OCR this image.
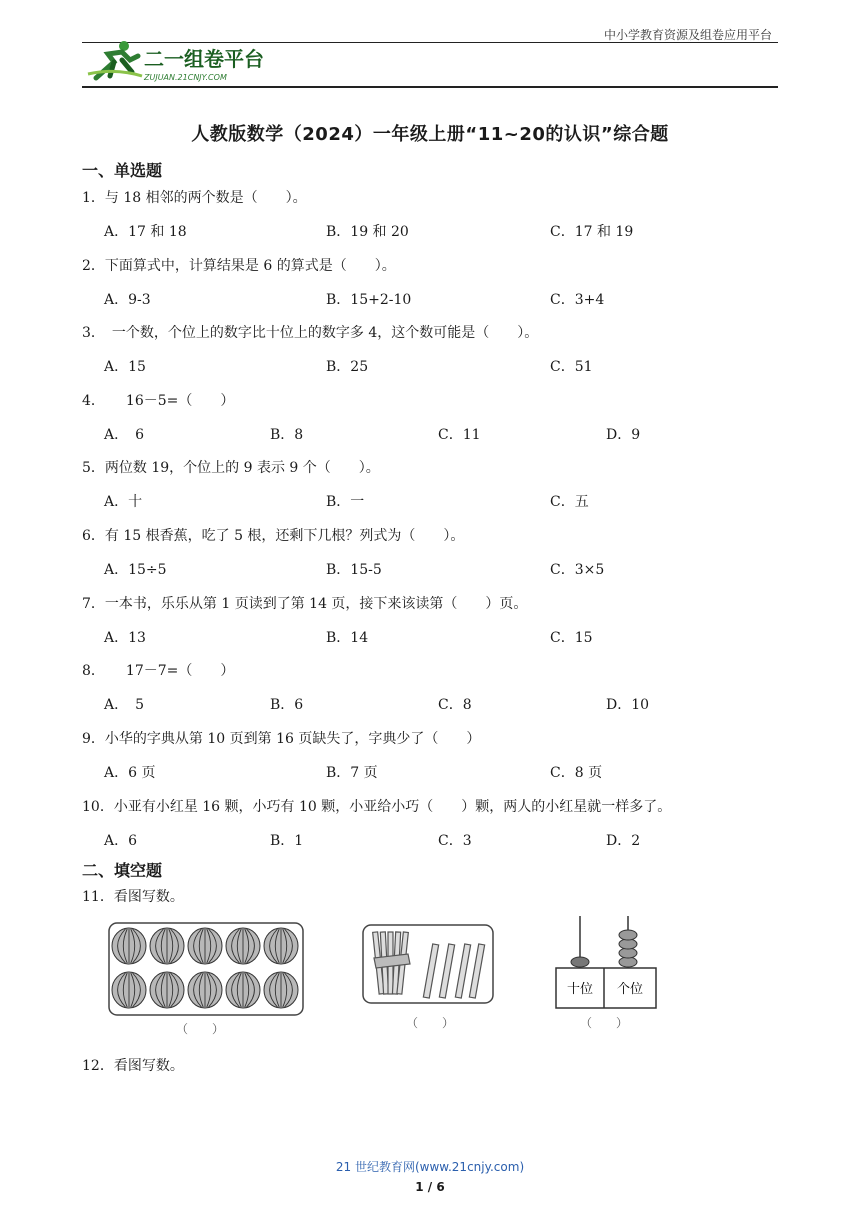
中小学教育资源及组卷应用平台
二一组卷平台
ZUJUAN.21CNJY.COM
人教版数学（2024）一年级上册“11~20的认识”综合题
一、单选题
1．与 18 相邻的两个数是（　　）。
A．17 和 18	B．19 和 20	C．17 和 19
2．下面算式中，计算结果是 6 的算式是（　　）。
A．9-3	B．15+2-10	C．3+4
3．　一个数，个位上的数字比十位上的数字多 4，这个数可能是（　　）。
A．15	B．25	C．51
4．　　16－5=（　　）
A．　6	B．8	C．11	D．9
5．两位数 19，个位上的 9 表示 9 个（　　）。
A．十	B．一	C．五
6．有 15 根香蕉，吃了 5 根，还剩下几根？列式为（　　）。
A．15÷5	B．15-5	C．3×5
7．一本书，乐乐从第 1 页读到了第 14 页，接下来该读第（　　）页。
A．13	B．14	C．15
8．　　17－7=（　　）
A．　5	B．6	C．8	D．10
9．小华的字典从第 10 页到第 16 页缺失了，字典少了（　　）
A．6 页	B．7 页	C．8 页
10．小亚有小红星 16 颗，小巧有 10 颗，小亚给小巧（　　）颗，两人的小红星就一样多了。
A．6	B．1	C．3	D．2
二、填空题
11．看图写数。
（　　）	（　　）
十位 个位
（　　）
12．看图写数。
21 世纪教育网(www.21cnjy.com)
1 / 6
